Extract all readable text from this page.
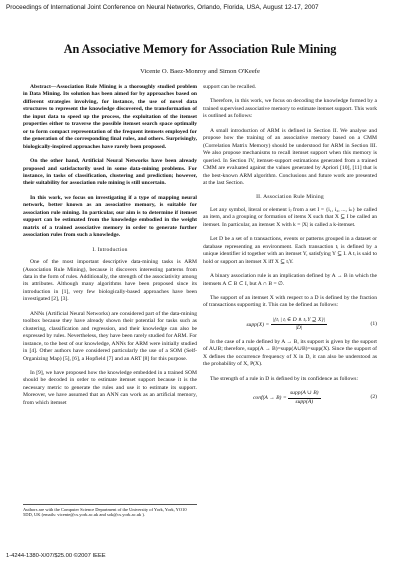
Proceedings of International Joint Conference on Neural Networks, Orlando, Florida, USA, August 12-17, 2007
An Associative Memory for Association Rule Mining
Vicente O. Baez-Monroy and Simon O'Keefe

Abstract—Association Rule Mining is a thoroughly studied problem in Data Mining. Its solution has been aimed for by approaches based on different strategies involving, for instance, the use of novel data structures to represent the knowledge discovered, the transformation of the input data to speed up the process, the exploitation of the itemset properties either to traverse the possible itemset search space optimally or to form compact representation of the frequent itemsets employed for the generation of the corresponding final rules, and others. Surprisingly, biologically-inspired approaches have rarely been proposed.

On the other hand, Artificial Neural Networks have been already proposed and satisfactorily used in some data-mining problems. For instance, in tasks of classification, clustering and prediction; however, their suitability for association rule mining is still uncertain.

In this work, we focus on investigating if a type of mapping neural network, better known as an associative memory, is suitable for association rule mining. In particular, our aim is to determine if itemset support can be estimated from the knowledge embodied in the weight matrix of a trained associative memory in order to generate further association rules from such a knowledge.

I. Introduction

One of the most important descriptive data-mining tasks is ARM (Association Rule Mining), because it discovers interesting patterns from data in the form of rules. Additionally, the strength of the associativity among its attributes. Although many algorithms have been proposed since its introduction in [1], very few biologically-based approaches have been investigated [2], [3].

ANNs (Artificial Neural Networks) are considered part of the data-mining toolbox because they have already shown their potential for tasks such as clustering, classification and regression, and their knowledge can also be expressed by rules. Nevertheless, they have been rarely studied for ARM. For instance, to the best of our knowledge, ANNs for ARM were initially studied in [4]. Other authors have considered particularly the use of a SOM (Self-Organizing Map) [5], [6], a Hopfield [7] and an ART [8] for this purpose.

In [9], we have proposed how the knowledge embedded in a trained SOM should be decoded in order to estimate itemset support because it is the necessary metric to generate the rules and use it to estimate its support. Moreover, we have assumed that an ANN can work as an artificial memory, from which itemset

Authors are with the Computer Science Department of the University of York, York, YO10 5DD, UK (emails: vicente@cs.york.ac.uk and sok@cs.york.ac.uk ).

support can be recalled.

Therefore, in this work, we focus on decoding the knowledge formed by a trained supervised associative memory to estimate itemset support. This work is outlined as follows:

A small introduction of ARM is defined in Section II. We analyse and propose how the training of an associative memory based on a CMM (Correlation Matrix Memory) should be understood for ARM in Section III. We also propose mechanisms to recall itemset support when this memory is queried. In Section IV, itemset-support estimations generated from a trained CMM are evaluated against the values generated by Apriori [10], [11] that is the best-known ARM algorithm. Conclusions and future work are presented at the last Section.

II. Association Rule Mining

Let any symbol, literal or element iⱼ from a set I = {i₁, i₂, ..., iₙ} be called an item, and a grouping or formation of items X such that X ⊆ I be called an itemset. In particular, an itemset X with k = |X| is called a k-itemset.

Let D be a set of n transactions, events or patterns grouped in a dataset or database representing an environment. Each transaction tᵢ is defined by a unique identifier id together with an itemset Y, satisfying Y ⊆ I. A tᵢ is said to hold or support an itemset X iff X ⊆ tᵢY.

A binary association rule is an implication defined by A → B in which the itemsets A ⊂ B ⊂ I, but A ∩ B = ∅.

The support of an itemset X with respect to a D is defined by the fraction of transactions supporting it. This can be defined as follows:

supp(X) = $\frac{\text{|\{tᵢ | tᵢ ∈ D ∧ tᵢ.Y ⊇ X\}|}}{|D|}$	(1)

In the case of a rule defined by A → B, its support is given by the support of A∪B; therefore, supp(A → B)=supp(A∪B)=supp(X). Since the support of X defines the occurrence frequency of X in D, it can also be understood as the probability of X, P(X).

The strength of a rule in D is defined by its confidence as follows:

conf(A → $B) = \frac{\text{supp(A ∪ B)}}{\text{supp(A)}}$	(2)
1-4244-1380-X/07/$25.00 ©2007 IEEE
